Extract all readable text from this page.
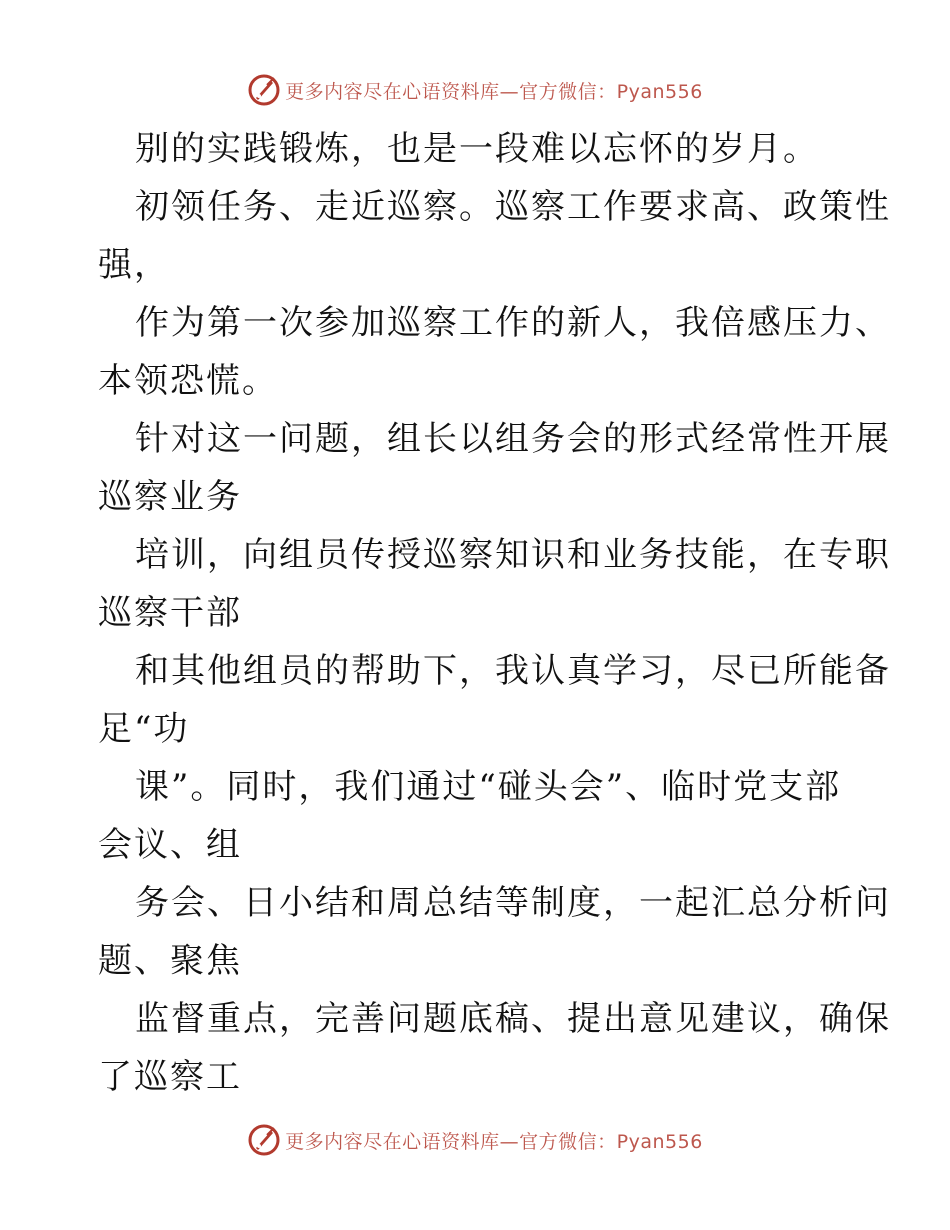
更多内容尽在心语资料库—官方微信：Pyan556
别的实践锻炼，也是一段难以忘怀的岁月。
初领任务、走近巡察。巡察工作要求高、政策性
强，
作为第一次参加巡察工作的新人，我倍感压力、
本领恐慌。
针对这一问题，组长以组务会的形式经常性开展
巡察业务
培训，向组员传授巡察知识和业务技能，在专职
巡察干部
和其他组员的帮助下，我认真学习，尽已所能备
足“功
课”。同时，我们通过“碰头会”、临时党支部
会议、组
务会、日小结和周总结等制度，一起汇总分析问
题、聚焦
监督重点，完善问题底稿、提出意见建议，确保
了巡察工
更多内容尽在心语资料库—官方微信：Pyan556
